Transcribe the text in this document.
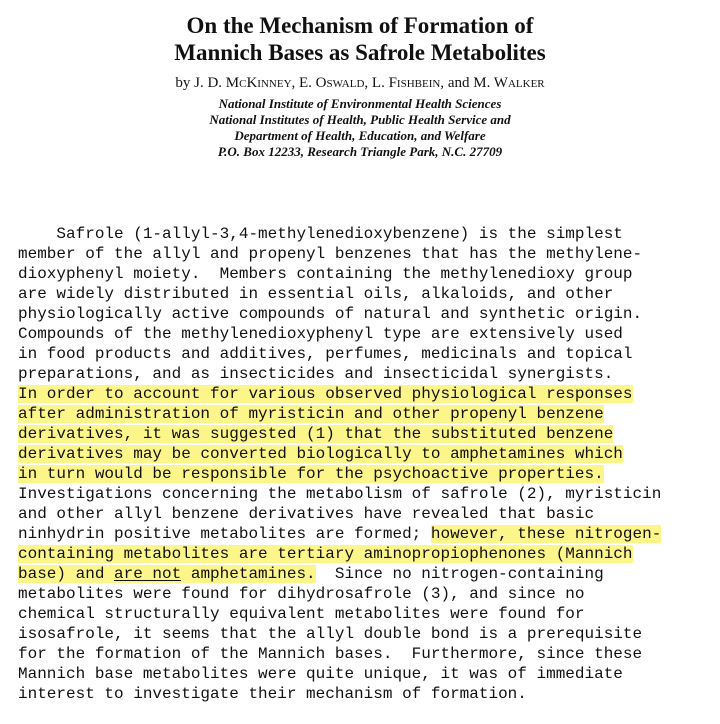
On the Mechanism of Formation of
Mannich Bases as Safrole Metabolites
by J. D. McKinney, E. Oswald, L. Fishbein, and M. Walker
National Institute of Environmental Health Sciences
National Institutes of Health, Public Health Service and
Department of Health, Education, and Welfare
P.O. Box 12233, Research Triangle Park, N.C. 27709

Safrole (1-allyl-3,4-methylenedioxybenzene) is the simplest
member of the allyl and propenyl benzenes that has the methylene-
dioxyphenyl moiety.  Members containing the methylenedioxy group
are widely distributed in essential oils, alkaloids, and other
physiologically active compounds of natural and synthetic origin.
Compounds of the methylenedioxyphenyl type are extensively used
in food products and additives, perfumes, medicinals and topical
preparations, and as insecticides and insecticidal synergists.
In order to account for various observed physiological responses
after administration of myristicin and other propenyl benzene
derivatives, it was suggested (1) that the substituted benzene
derivatives may be converted biologically to amphetamines which
in turn would be responsible for the psychoactive properties.
Investigations concerning the metabolism of safrole (2), myristicin
and other allyl benzene derivatives have revealed that basic
ninhydrin positive metabolites are formed; however, these nitrogen-
containing metabolites are tertiary aminopropiophenones (Mannich
base) and are not amphetamines.  Since no nitrogen-containing
metabolites were found for dihydrosafrole (3), and since no
chemical structurally equivalent metabolites were found for
isosafrole, it seems that the allyl double bond is a prerequisite
for the formation of the Mannich bases.  Furthermore, since these
Mannich base metabolites were quite unique, it was of immediate
interest to investigate their mechanism of formation.
